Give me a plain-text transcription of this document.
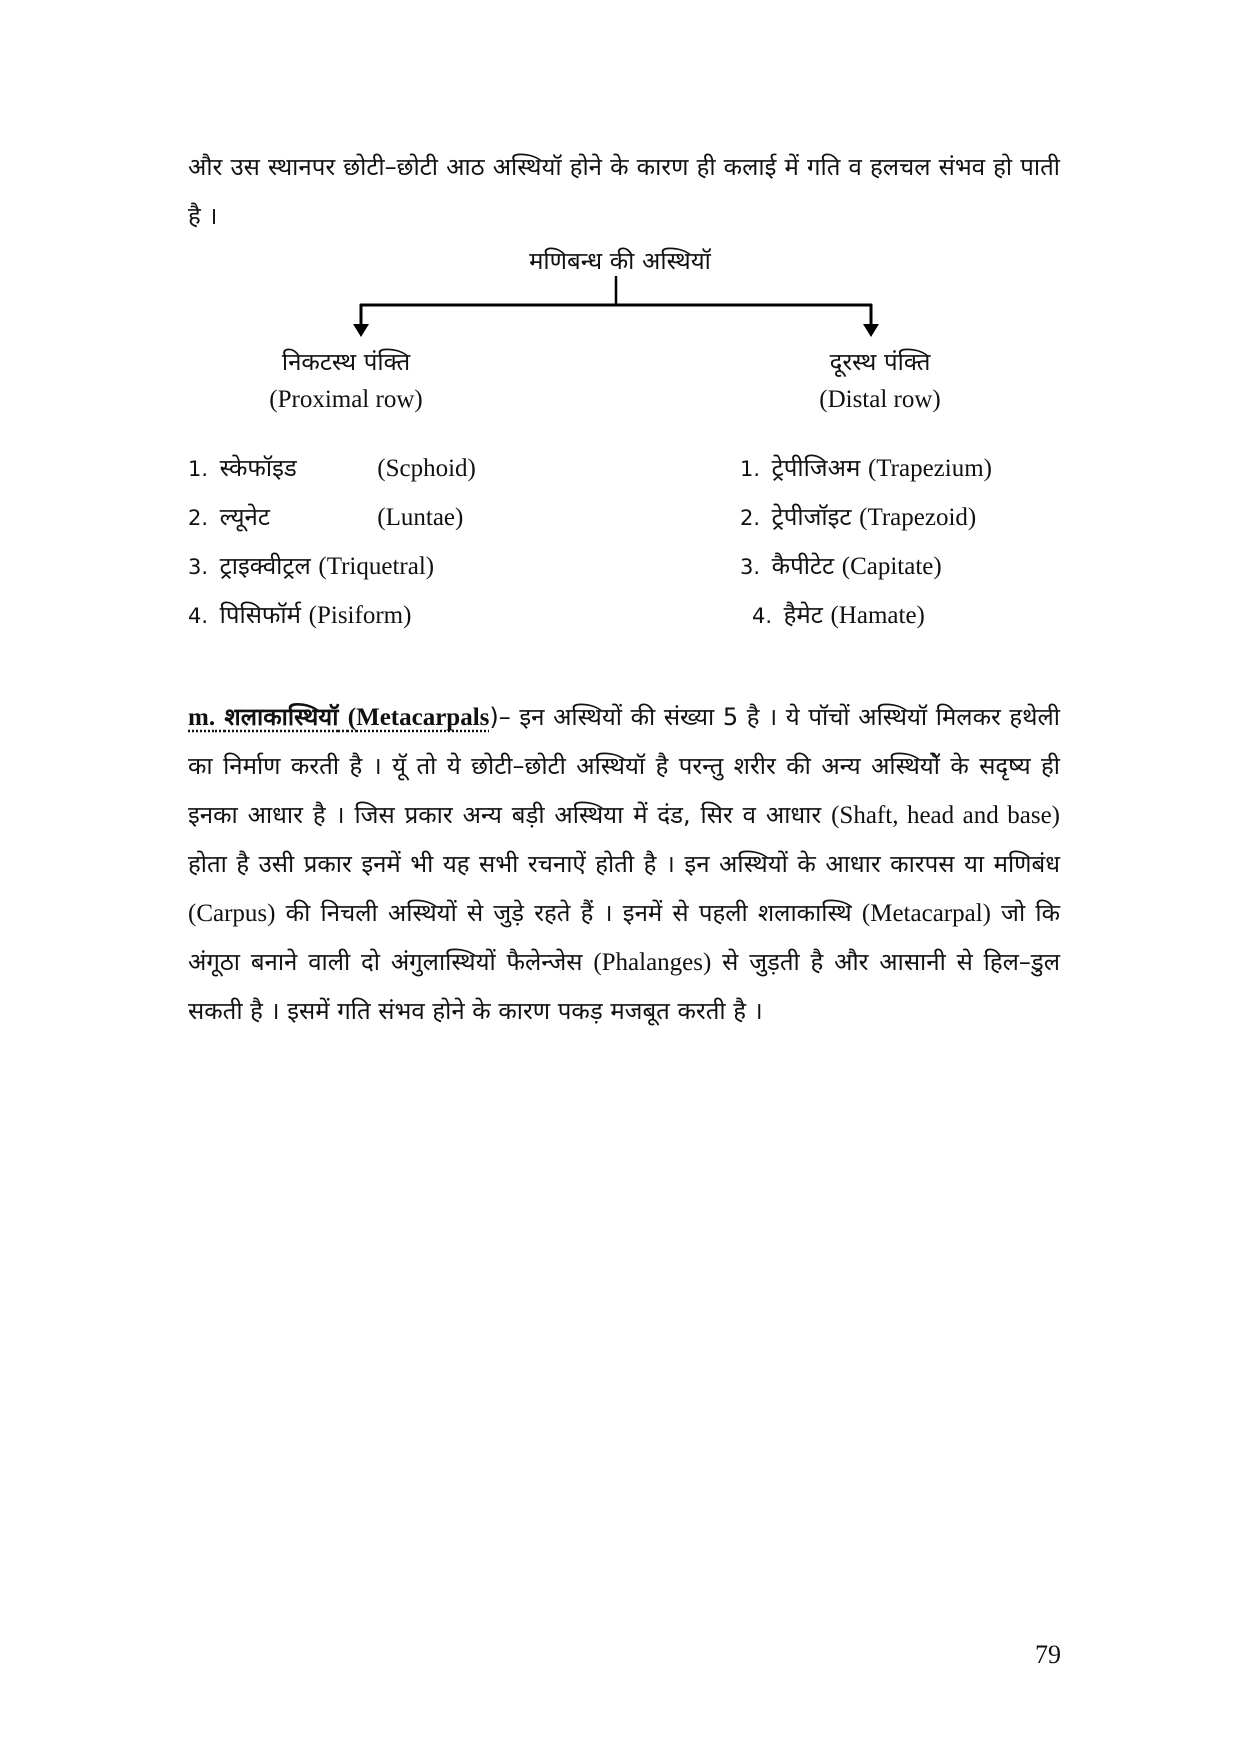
और उस स्थानपर छोटी–छोटी आठ अस्थियॉ होने के कारण ही कलाई में गति व हलचल संभव हो पाती है ।

मणिबन्ध की अस्थियॉ
निकटस्थ पंक्ति
(Proximal row)
दूरस्थ पंक्ति
(Distal row)
1. स्केफॉइड	(Scphoid)
2. ल्यूनेट	(Luntae)
3. ट्राइक्वीट्रल (Triquetral)
4. पिसिफॉर्म (Pisiform)
1. ट्रेपीजिअम (Trapezium)
2. ट्रेपीजॉइट (Trapezoid)
3. कैपीटेट (Capitate)
4. हैमेट (Hamate)

m. शलाकास्थियॉ (Metacarpals)– इन अस्थियों की संख्या 5 है । ये पॉचों अस्थियॉ मिलकर हथेली का निर्माण करती है । यूॅ तो ये छोटी–छोटी अस्थियॉ है परन्तु शरीर की अन्य अस्थियॉे के सदृष्य ही इनका आधार है । जिस प्रकार अन्य बड़ी अस्थिया में दंड, सिर व आधार (Shaft, head and base) होता है उसी प्रकार इनमें भी यह सभी रचनाऐं होती है । इन अस्थियों के आधार कारपस या मणिबंध (Carpus) की निचली अस्थियों से जुड़े रहते हैं । इनमें से पहली शलाकास्थि (Metacarpal) जो कि अंगूठा बनाने वाली दो अंगुलास्थियों फैलेन्जेस (Phalanges) से जुड़ती है और आसानी से हिल–डुल सकती है । इसमें गति संभव होने के कारण पकड़ मजबूत करती है ।

79
